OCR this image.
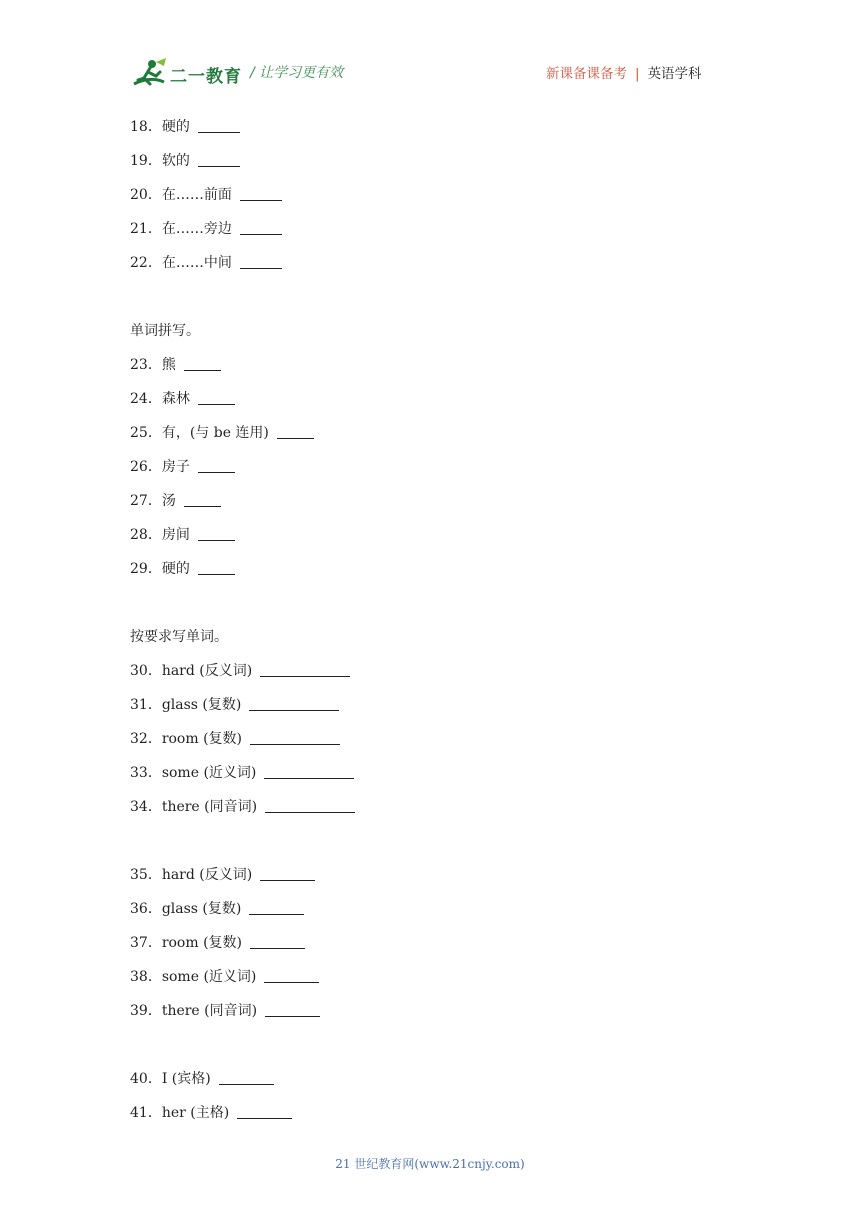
二一教育 / 让学习更有效	新课备课备考 | 英语学科
18．硬的
19．软的
20．在……前面
21．在……旁边
22．在……中间
单词拼写。
23．熊
24．森林
25．有，(与 be 连用)
26．房子
27．汤
28．房间
29．硬的
按要求写单词。
30．hard (反义词)
31．glass (复数)
32．room (复数)
33．some (近义词)
34．there (同音词)
35．hard (反义词)
36．glass (复数)
37．room (复数)
38．some (近义词)
39．there (同音词)
40．I (宾格)
41．her (主格)
21 世纪教育网(www.21cnjy.com)
